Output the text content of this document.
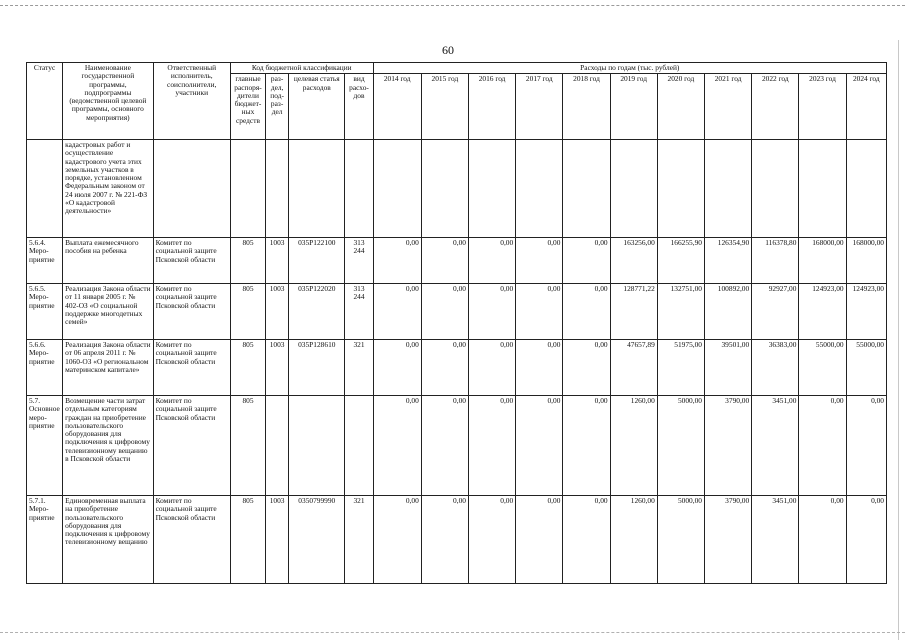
60
Статус	Наименование государственной программы, подпрограммы (ведомственной целевой программы, основного мероприятия)	Ответственный исполнитель, соисполнители, участники	Код бюджетной классификации				Расходы по годам (тыс. рублей)										
			главные распоря-дители бюджет-ных средств	раз-дел, под-раз-дел	целевая статья расходов	вид расхо-дов	2014 год	2015 год	2016 год	2017 год	2018 год	2019 год	2020 год	2021 год	2022 год	2023 год	2024 год
	кадастровых работ и осуществление кадастрового учета этих земельных участков в порядке, установленном Федеральным законом от 24 июля 2007 г. № 221-ФЗ «О кадастровой деятельности»																
5.6.4. Меро-приятие	Выплата ежемесячного пособия на ребенка	Комитет по социальной защите Псковской области	805	1003	035P122100	313 244	0,00	0,00	0,00	0,00	0,00	163256,00	166255,90	126354,90	116378,80	168000,00	168000,00
5.6.5. Меро-приятие	Реализация Закона области от 11 января 2005 г. № 402-ОЗ «О социальной поддержке многодетных семей»	Комитет по социальной защите Псковской области	805	1003	035P122020	313 244	0,00	0,00	0,00	0,00	0,00	128771,22	132751,00	100892,00	92927,00	124923,00	124923,00
5.6.6. Меро-приятие	Реализация Закона области от 06 апреля 2011 г. № 1060-ОЗ «О региональном материнском капитале»	Комитет по социальной защите Псковской области	805	1003	035P128610	321	0,00	0,00	0,00	0,00	0,00	47657,89	51975,00	39501,00	36383,00	55000,00	55000,00
5.7. Основное меро-приятие	Возмещение части затрат отдельным категориям граждан на приобретение пользовательского оборудования для подключения к цифровому телевизионному вещанию в Псковской области	Комитет по социальной защите Псковской области	805				0,00	0,00	0,00	0,00	0,00	1260,00	5000,00	3790,00	3451,00	0,00	0,00
5.7.1. Меро-приятие	Единовременная выплата на приобретение пользовательского оборудования для подключения к цифровому телевизионному вещанию	Комитет по социальной защите Псковской области	805	1003	0350799990	321	0,00	0,00	0,00	0,00	0,00	1260,00	5000,00	3790,00	3451,00	0,00	0,00
